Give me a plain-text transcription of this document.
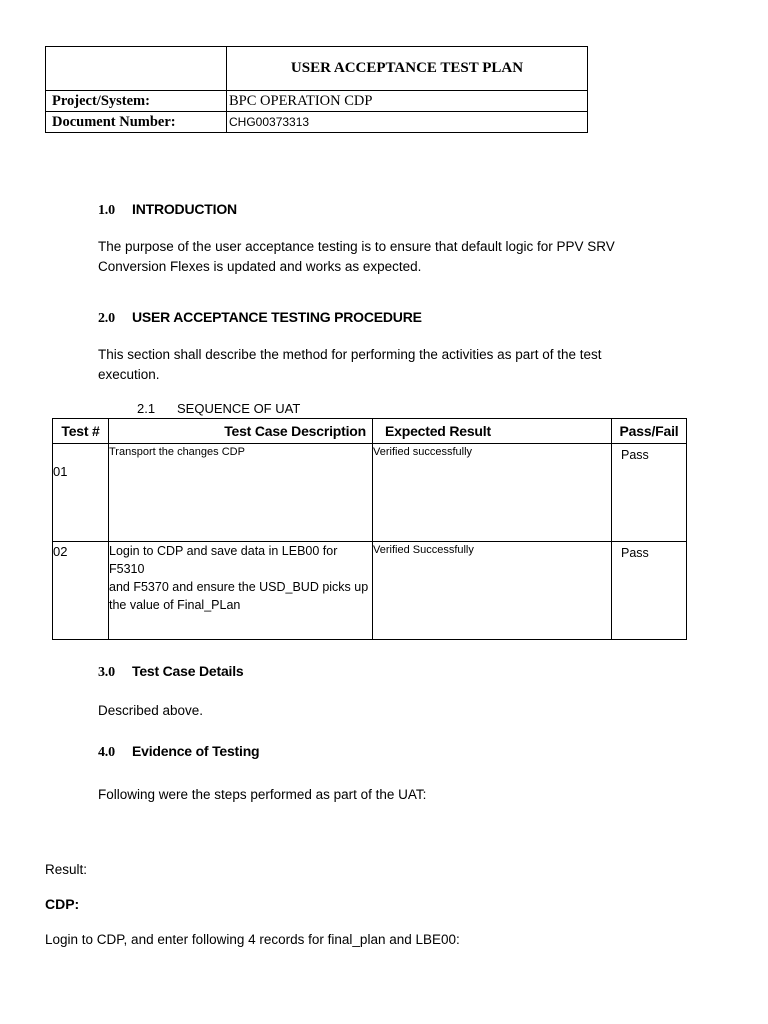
	USER ACCEPTANCE TEST PLAN
Project/System:	BPC OPERATION CDP
Document Number:	CHG00373313
1.0 INTRODUCTION
The purpose of the user acceptance testing is to ensure that default logic for PPV SRV
Conversion Flexes is updated and works as expected.
2.0 USER ACCEPTANCE TESTING PROCEDURE
This section shall describe the method for performing the activities as part of the test
execution.
2.1 SEQUENCE OF UAT
Test #	Test Case Description	Expected Result	Pass/Fail

01	Transport the changes CDP	Verified successfully	Pass

02	Login to CDP and save data in LEB00 for F5310
and F5370 and ensure the USD_BUD picks up
the value of Final_PLan	Verified Successfully	Pass
3.0 Test Case Details
Described above.
4.0 Evidence of Testing
Following were the steps performed as part of the UAT:
Result:
CDP:
Login to CDP, and enter following 4 records for final_plan and LBE00:
